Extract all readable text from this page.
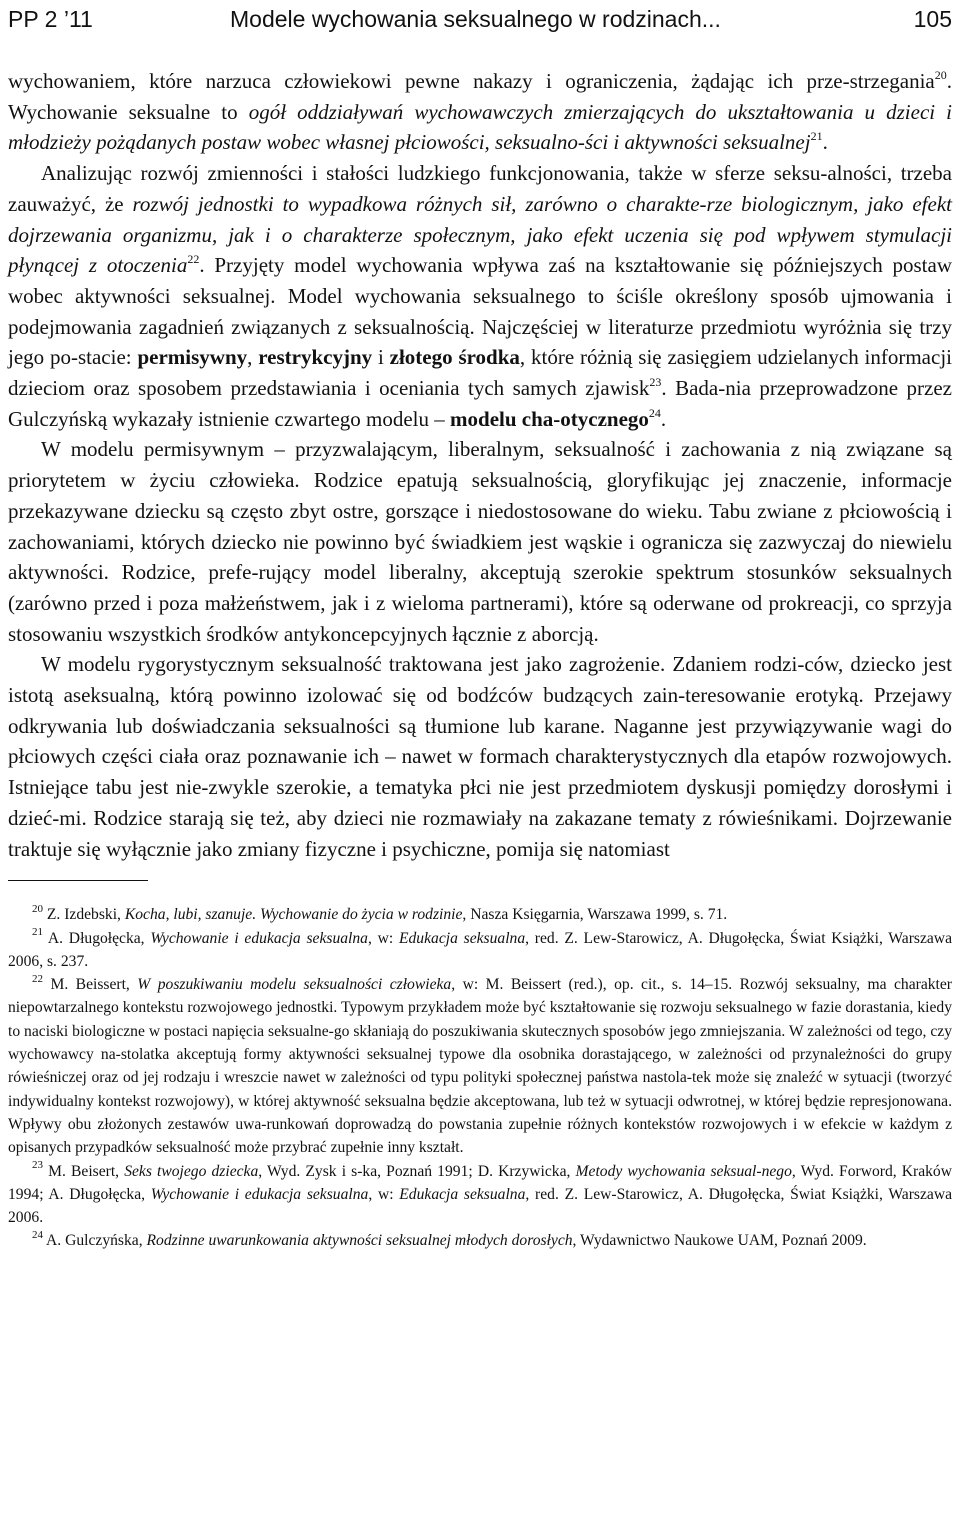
PP 2 ’11	Modele wychowania seksualnego w rodzinach...	105

wychowaniem, które narzuca człowiekowi pewne nakazy i ograniczenia, żądając ich prze-strzegania$^{20}$. Wychowanie seksualne to ogół oddziaływań wychowawczych zmierzających do ukształtowania u dzieci i młodzieży pożądanych postaw wobec własnej płciowości, seksualno-ści i aktywności seksualnej$^{21}$.

Analizując rozwój zmienności i stałości ludzkiego funkcjonowania, także w sferze seksu-alności, trzeba zauważyć, że rozwój jednostki to wypadkowa różnych sił, zarówno o charakte-rze biologicznym, jako efekt dojrzewania organizmu, jak i o charakterze społecznym, jako efekt uczenia się pod wpływem stymulacji płynącej z otoczenia$^{22}$. Przyjęty model wychowania wpływa zaś na kształtowanie się późniejszych postaw wobec aktywności seksualnej. Model wychowania seksualnego to ściśle określony sposób ujmowania i podejmowania zagadnień związanych z seksualnością. Najczęściej w literaturze przedmiotu wyróżnia się trzy jego po-stacie: permisywny, restrykcyjny i złotego środka, które różnią się zasięgiem udzielanych informacji dzieciom oraz sposobem przedstawiania i oceniania tych samych zjawisk$^{23}$. Bada-nia przeprowadzone przez Gulczyńską wykazały istnienie czwartego modelu – modelu cha-otycznego$^{24}$.

W modelu permisywnym – przyzwalającym, liberalnym, seksualność i zachowania z nią związane są priorytetem w życiu człowieka. Rodzice epatują seksualnością, gloryfikując jej znaczenie, informacje przekazywane dziecku są często zbyt ostre, gorszące i niedostosowane do wieku. Tabu zwiane z płciowością i zachowaniami, których dziecko nie powinno być świadkiem jest wąskie i ogranicza się zazwyczaj do niewielu aktywności. Rodzice, prefe-rujący model liberalny, akceptują szerokie spektrum stosunków seksualnych (zarówno przed i poza małżeństwem, jak i z wieloma partnerami), które są oderwane od prokreacji, co sprzyja stosowaniu wszystkich środków antykoncepcyjnych łącznie z aborcją.

W modelu rygorystycznym seksualność traktowana jest jako zagrożenie. Zdaniem rodzi-ców, dziecko jest istotą aseksualną, którą powinno izolować się od bodźców budzących zain-teresowanie erotyką. Przejawy odkrywania lub doświadczania seksualności są tłumione lub karane. Naganne jest przywiązywanie wagi do płciowych części ciała oraz poznawanie ich – nawet w formach charakterystycznych dla etapów rozwojowych. Istniejące tabu jest nie-zwykle szerokie, a tematyka płci nie jest przedmiotem dyskusji pomiędzy dorosłymi i dzieć-mi. Rodzice starają się też, aby dzieci nie rozmawiały na zakazane tematy z rówieśnikami. Dojrzewanie traktuje się wyłącznie jako zmiany fizyczne i psychiczne, pomija się natomiast

$^{20}$ Z. Izdebski, Kocha, lubi, szanuje. Wychowanie do życia w rodzinie, Nasza Księgarnia, Warszawa 1999, s. 71.

$^{21}$ A. Długołęcka, Wychowanie i edukacja seksualna, w: Edukacja seksualna, red. Z. Lew-Starowicz, A. Długołęcka, Świat Książki, Warszawa 2006, s. 237.

$^{22}$ M. Beissert, W poszukiwaniu modelu seksualności człowieka, w: M. Beissert (red.), op. cit., s. 14–15. Rozwój seksualny, ma charakter niepowtarzalnego kontekstu rozwojowego jednostki. Typowym przykładem może być kształtowanie się rozwoju seksualnego w fazie dorastania, kiedy to naciski biologiczne w postaci napięcia seksualne-go skłaniają do poszukiwania skutecznych sposobów jego zmniejszania. W zależności od tego, czy wychowawcy na-stolatka akceptują formy aktywności seksualnej typowe dla osobnika dorastającego, w zależności od przynależności do grupy rówieśniczej oraz od jej rodzaju i wreszcie nawet w zależności od typu polityki społecznej państwa nastola-tek może się znaleźć w sytuacji (tworzyć indywidualny kontekst rozwojowy), w której aktywność seksualna będzie akceptowana, lub też w sytuacji odwrotnej, w której będzie represjonowana. Wpływy obu złożonych zestawów uwa-runkowań doprowadzą do powstania zupełnie różnych kontekstów rozwojowych i w efekcie w każdym z opisanych przypadków seksualność może przybrać zupełnie inny kształt.

$^{23}$ M. Beisert, Seks twojego dziecka, Wyd. Zysk i s-ka, Poznań 1991; D. Krzywicka, Metody wychowania seksual-nego, Wyd. Forword, Kraków 1994; A. Długołęcka, Wychowanie i edukacja seksualna, w: Edukacja seksualna, red. Z. Lew-Starowicz, A. Długołęcka, Świat Książki, Warszawa 2006.

$^{24}$ A. Gulczyńska, Rodzinne uwarunkowania aktywności seksualnej młodych dorosłych, Wydawnictwo Naukowe UAM, Poznań 2009.
